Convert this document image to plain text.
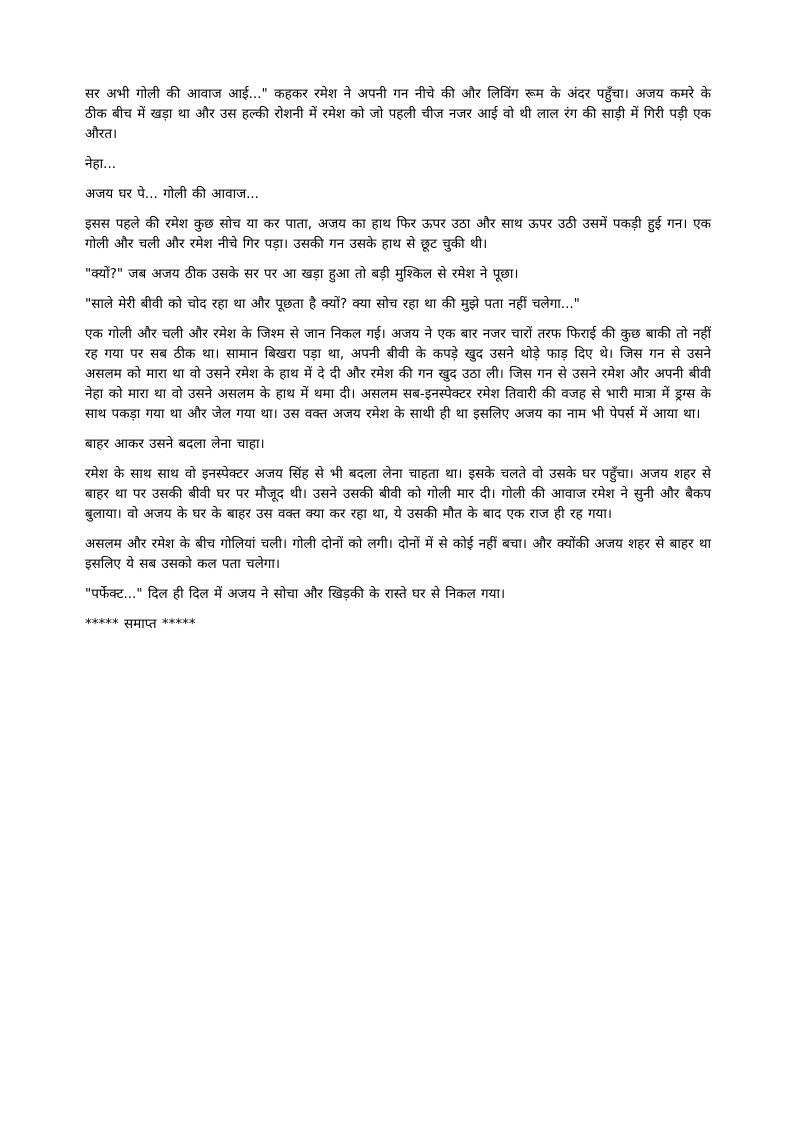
सर अभी गोली की आवाज आई..." कहकर रमेश ने अपनी गन नीचे की और लिविंग रूम के अंदर पहुँचा। अजय कमरे के ठीक बीच में खड़ा था और उस हल्की रोशनी में रमेश को जो पहली चीज नजर आई वो थी लाल रंग की साड़ी में गिरी पड़ी एक औरत।

नेहा...

अजय घर पे... गोली की आवाज...

इसस पहले की रमेश कुछ सोच या कर पाता, अजय का हाथ फिर ऊपर उठा और साथ ऊपर उठी उसमें पकड़ी हुई गन। एक गोली और चली और रमेश नीचे गिर पड़ा। उसकी गन उसके हाथ से छूट चुकी थी।

"क्यों?" जब अजय ठीक उसके सर पर आ खड़ा हुआ तो बड़ी मुश्किल से रमेश ने पूछा।

"साले मेरी बीवी को चोद रहा था और पूछता है क्यों? क्या सोच रहा था की मुझे पता नहीं चलेगा..."

एक गोली और चली और रमेश के जिश्म से जान निकल गई। अजय ने एक बार नजर चारों तरफ फिराई की कुछ बाकी तो नहीं रह गया पर सब ठीक था। सामान बिखरा पड़ा था, अपनी बीवी के कपड़े खुद उसने थोड़े फाड़ दिए थे। जिस गन से उसने असलम को मारा था वो उसने रमेश के हाथ में दे दी और रमेश की गन खुद उठा ली। जिस गन से उसने रमेश और अपनी बीवी नेहा को मारा था वो उसने असलम के हाथ में थमा दी। असलम सब-इनस्पेक्टर रमेश तिवारी की वजह से भारी मात्रा में ड्रग्स के साथ पकड़ा गया था और जेल गया था। उस वक्त अजय रमेश के साथी ही था इसलिए अजय का नाम भी पेपर्स में आया था।

बाहर आकर उसने बदला लेना चाहा।

रमेश के साथ साथ वो इनस्पेक्टर अजय सिंह से भी बदला लेना चाहता था। इसके चलते वो उसके घर पहुँचा। अजय शहर से बाहर था पर उसकी बीवी घर पर मौजूद थी। उसने उसकी बीवी को गोली मार दी। गोली की आवाज रमेश ने सुनी और बैकप बुलाया। वो अजय के घर के बाहर उस वक्त क्या कर रहा था, ये उसकी मौत के बाद एक राज ही रह गया।

असलम और रमेश के बीच गोलियां चली। गोली दोनों को लगी। दोनों में से कोई नहीं बचा। और क्योंकी अजय शहर से बाहर था इसलिए ये सब उसको कल पता चलेगा।

"पर्फेक्ट..." दिल ही दिल में अजय ने सोचा और खिड़की के रास्ते घर से निकल गया।

***** समाप्त *****
